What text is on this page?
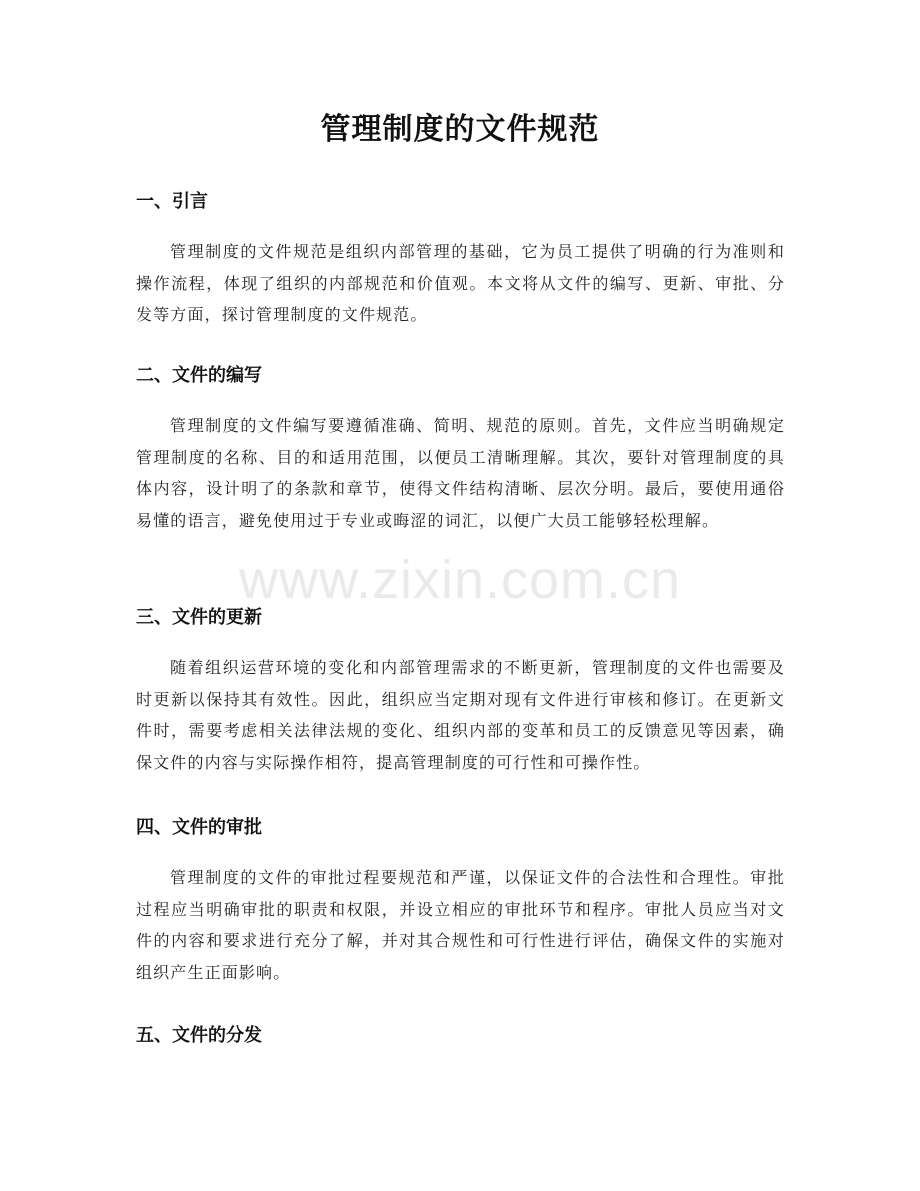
管理制度的文件规范
一、引言
管理制度的文件规范是组织内部管理的基础，它为员工提供了明确的行为准则和操作流程，体现了组织的内部规范和价值观。本文将从文件的编写、更新、审批、分发等方面，探讨管理制度的文件规范。
二、文件的编写
管理制度的文件编写要遵循准确、简明、规范的原则。首先，文件应当明确规定管理制度的名称、目的和适用范围，以便员工清晰理解。其次，要针对管理制度的具体内容，设计明了的条款和章节，使得文件结构清晰、层次分明。最后，要使用通俗易懂的语言，避免使用过于专业或晦涩的词汇，以便广大员工能够轻松理解。
三、文件的更新
随着组织运营环境的变化和内部管理需求的不断更新，管理制度的文件也需要及时更新以保持其有效性。因此，组织应当定期对现有文件进行审核和修订。在更新文件时，需要考虑相关法律法规的变化、组织内部的变革和员工的反馈意见等因素，确保文件的内容与实际操作相符，提高管理制度的可行性和可操作性。
四、文件的审批
管理制度的文件的审批过程要规范和严谨，以保证文件的合法性和合理性。审批过程应当明确审批的职责和权限，并设立相应的审批环节和程序。审批人员应当对文件的内容和要求进行充分了解，并对其合规性和可行性进行评估，确保文件的实施对组织产生正面影响。
五、文件的分发
www.zixin.com.cn
